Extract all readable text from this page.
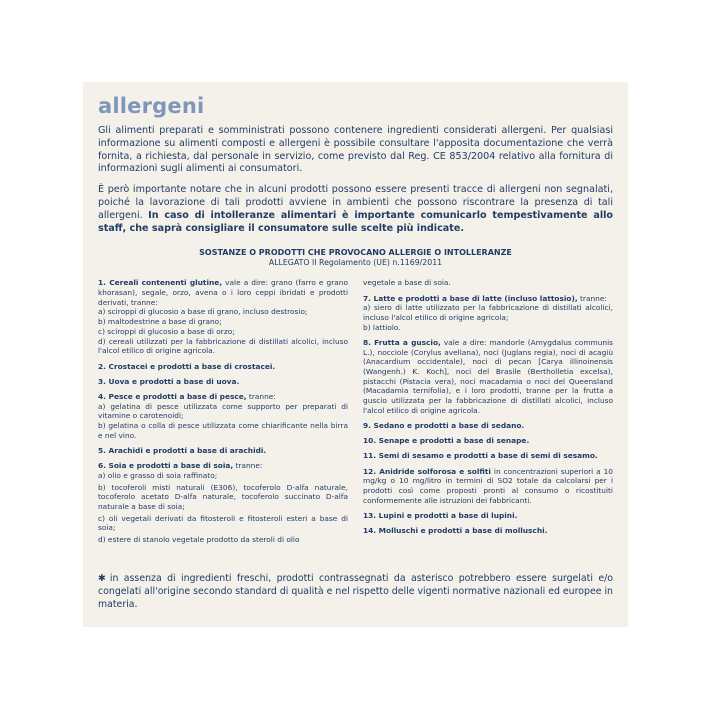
allergeni

Gli alimenti preparati e somministrati possono contenere ingredienti considerati allergeni. Per qualsiasi informazione su alimenti composti e allergeni è possibile consultare l'apposita documentazione che verrà fornita, a richiesta, dal personale in servizio, come previsto dal Reg. CE 853/2004 relativo alla fornitura di informazioni sugli alimenti ai consumatori.

È però importante notare che in alcuni prodotti possono essere presenti tracce di allergeni non segnalati, poiché la lavorazione di tali prodotti avviene in ambienti che possono riscontrare la presenza di tali allergeni. In caso di intolleranze alimentari è importante comunicarlo tempestivamente allo staff, che saprà consigliare il consumatore sulle scelte più indicate.

SOSTANZE O PRODOTTI CHE PROVOCANO ALLERGIE O INTOLLERANZE
ALLEGATO II Regolamento (UE) n.1169/2011

1. Cereali contenenti glutine, vale a dire: grano (farro e grano khorasan), segale, orzo, avena o i loro ceppi ibridati e prodotti derivati, tranne:

a) sciroppi di glucosio a base di grano, incluso destrosio;

b) maltodestrine a base di grano;

c) sciroppi di glucosio a base di orzo;

d) cereali utilizzati per la fabbricazione di distillati alcolici, incluso l'alcol etilico di origine agricola.

2. Crostacei e prodotti a base di crostacei.

3. Uova e prodotti a base di uova.

4. Pesce e prodotti a base di pesce, tranne:

a) gelatina di pesce utilizzata come supporto per preparati di vitamine o carotenoidi;

b) gelatina o colla di pesce utilizzata come chiarificante nella birra e nel vino.

5. Arachidi e prodotti a base di arachidi.

6. Soia e prodotti a base di soia, tranne:

a) olio e grasso di soia raffinato;

b) tocoferoli misti naturali (E306), tocoferolo D-alfa naturale, tocoferolo acetato D-alfa naturale, tocoferolo succinato D-alfa naturale a base di soia;

c) oli vegetali derivati da fitosteroli e fitosteroli esteri a base di soia;

d) estere di stanolo vegetale prodotto da steroli di olio

vegetale a base di soia.

7. Latte e prodotti a base di latte (incluso lattosio), tranne:

a) siero di latte utilizzato per la fabbricazione di distillati alcolici, incluso l'alcol etilico di origine agricola;

b) lattiolo.

8. Frutta a guscio, vale a dire: mandorle (Amygdalus communis L.), nocciole (Corylus avellana), noci (Juglans regia), noci di acagiù (Anacardium occidentale), noci di pecan [Carya illinoinensis (Wangenh.) K. Koch], noci del Brasile (Bertholletia excelsa), pistacchi (Pistacia vera), noci macadamia o noci del Queensland (Macadamia ternifolia), e i loro prodotti, tranne per la frutta a guscio utilizzata per la fabbricazione di distillati alcolici, incluso l'alcol etilico di origine agricola.

9. Sedano e prodotti a base di sedano.

10. Senape e prodotti a base di senape.

11. Semi di sesamo e prodotti a base di semi di sesamo.

12. Anidride solforosa e solfiti in concentrazioni superiori a 10 mg/kg o 10 mg/litro in termini di SO2 totale da calcolarsi per i prodotti così come proposti pronti al consumo o ricostituiti conformemente alle istruzioni dei fabbricanti.

13. Lupini e prodotti a base di lupini.

14. Molluschi e prodotti a base di molluschi.

✱ in assenza di ingredienti freschi, prodotti contrassegnati da asterisco potrebbero essere surgelati e/o congelati all'origine secondo standard di qualità e nel rispetto delle vigenti normative nazionali ed europee in materia.
